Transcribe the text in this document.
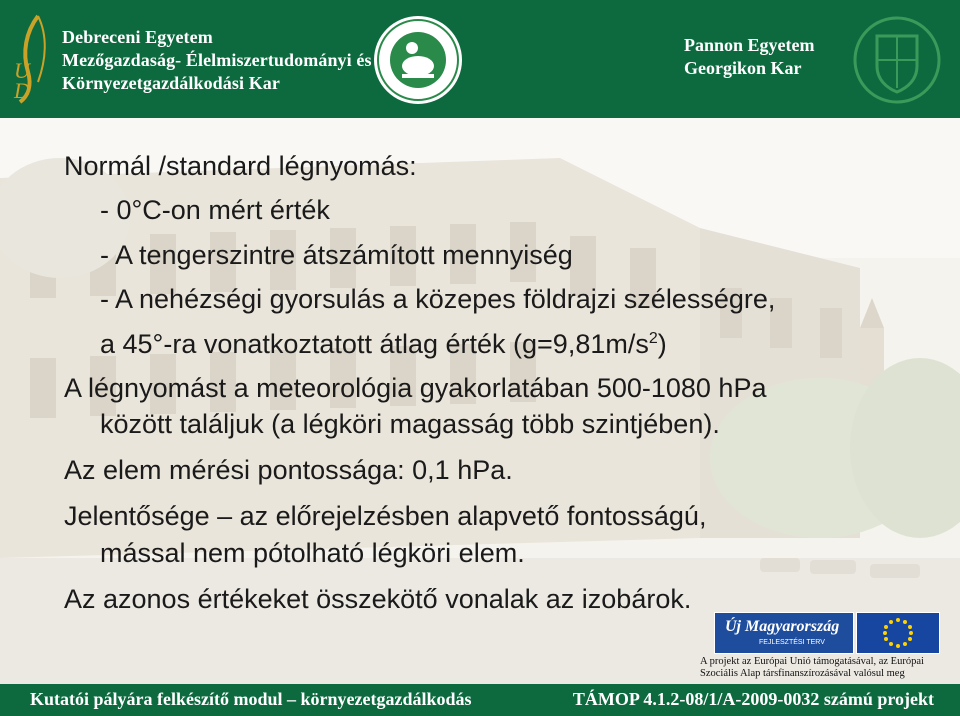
U
D
Debreceni Egyetem
Mezőgazdaság- Élelmiszertudományi és
Környezetgazdálkodási Kar
Pannon Egyetem
Georgikon Kar
Normál /standard légnyomás:
- 0°C-on mért érték
- A tengerszintre átszámított mennyiség
- A nehézségi gyorsulás a közepes földrajzi szélességre,
a 45°-ra vonatkoztatott átlag érték $(g=9,81m/s^2)$
A légnyomást a meteorológia gyakorlatában 500-1080 hPa
között találjuk (a légköri magasság több szintjében).
Az elem mérési pontossága: 0,1 hPa.
Jelentősége – az előrejelzésben alapvető fontosságú,
mással nem pótolható légköri elem.
Az azonos értékeket összekötő vonalak az izobárok.
Új Magyarország
FEJLESZTÉSI TERV
A projekt az Európai Unió támogatásával, az Európai Szociális Alap társfinanszírozásával valósul meg
Kutatói pályára felkészítő modul – környezetgazdálkodás	TÁMOP 4.1.2-08/1/A-2009-0032 számú projekt
